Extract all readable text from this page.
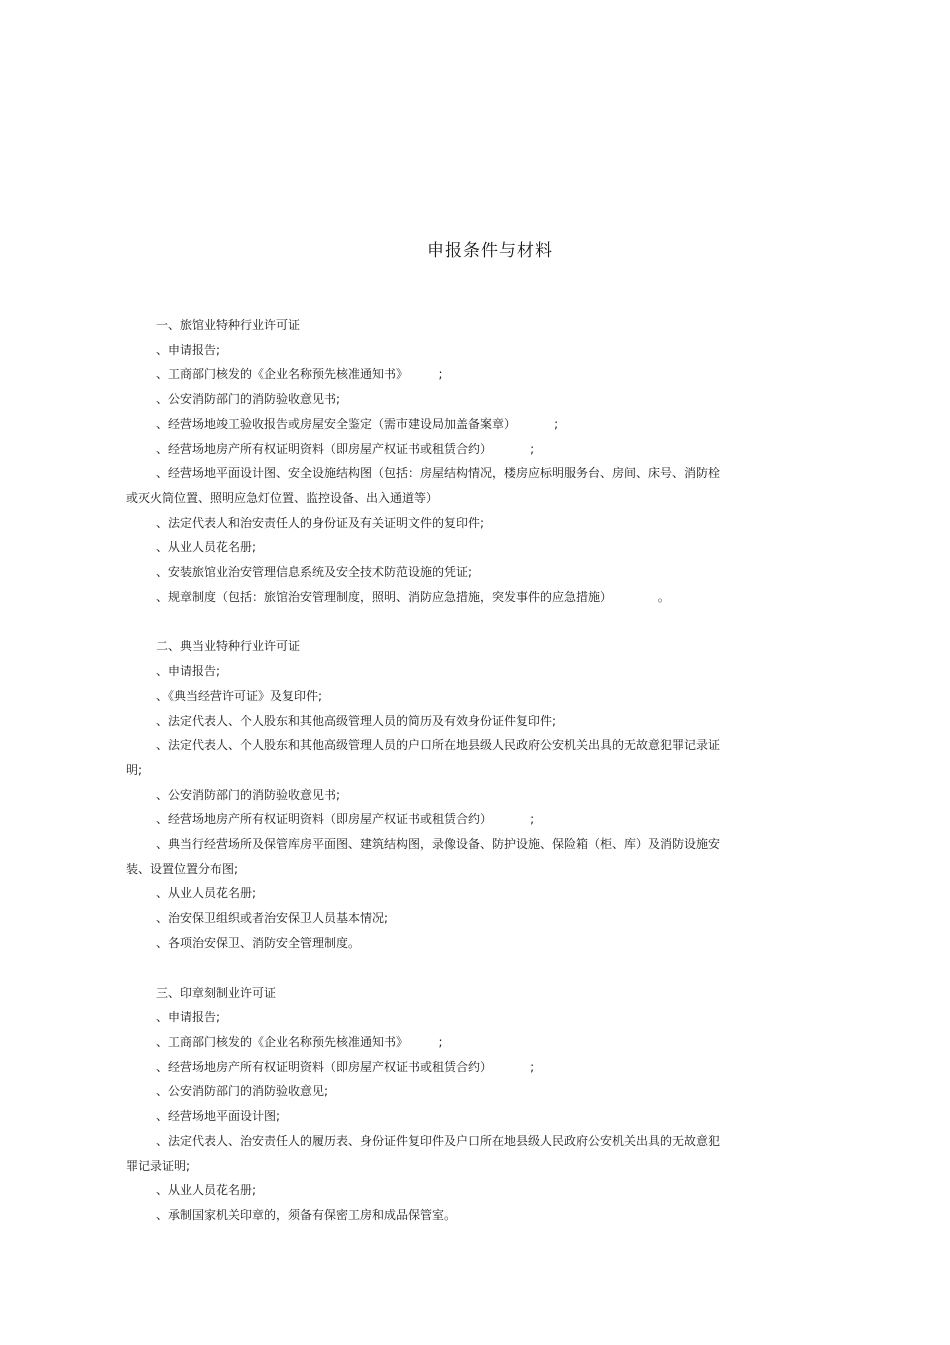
申报条件与材料

一、旅馆业特种行业许可证

、申请报告;

、工商部门核发的《企业名称预先核准通知书》        ;

、公安消防部门的消防验收意见书;

、经营场地竣工验收报告或房屋安全鉴定（需市建设局加盖备案章）          ;

、经营场地房产所有权证明资料（即房屋产权证书或租赁合约）          ;

、经营场地平面设计图、安全设施结构图（包括：房屋结构情况，楼房应标明服务台、房间、床号、消防栓或灭火筒位置、照明应急灯位置、监控设备、出入通道等）

、法定代表人和治安责任人的身份证及有关证明文件的复印件;

、从业人员花名册;

、安装旅馆业治安管理信息系统及安全技术防范设施的凭证;

、规章制度（包括：旅馆治安管理制度，照明、消防应急措施，突发事件的应急措施）            。

二、典当业特种行业许可证

、申请报告;

、《典当经营许可证》及复印件;

、法定代表人、个人股东和其他高级管理人员的简历及有效身份证件复印件;

、法定代表人、个人股东和其他高级管理人员的户口所在地县级人民政府公安机关出具的无故意犯罪记录证明;

、公安消防部门的消防验收意见书;

、经营场地房产所有权证明资料（即房屋产权证书或租赁合约）          ;

、典当行经营场所及保管库房平面图、建筑结构图，录像设备、防护设施、保险箱（柜、库）及消防设施安装、设置位置分布图;

、从业人员花名册;

、治安保卫组织或者治安保卫人员基本情况;

、各项治安保卫、消防安全管理制度。

三、印章刻制业许可证

、申请报告;

、工商部门核发的《企业名称预先核准通知书》        ;

、经营场地房产所有权证明资料（即房屋产权证书或租赁合约）          ;

、公安消防部门的消防验收意见;

、经营场地平面设计图;

、法定代表人、治安责任人的履历表、身份证件复印件及户口所在地县级人民政府公安机关出具的无故意犯罪记录证明;

、从业人员花名册;

、承制国家机关印章的，须备有保密工房和成品保管室。
